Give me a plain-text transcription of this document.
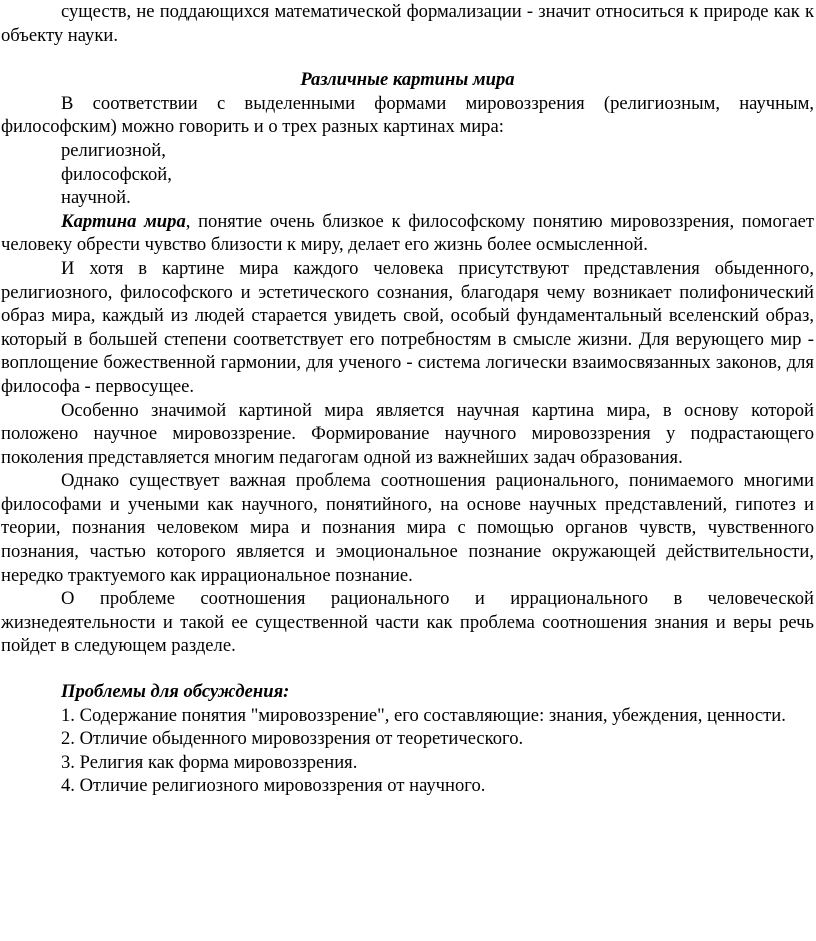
существ, не поддающихся математической формализации - значит относиться к природе как к объекту науки.

Различные картины мира

В соответствии с выделенными формами мировоззрения (религиозным, научным, философским) можно говорить и о трех разных картинах мира:

религиозной,

философской,

научной.

Картина мира, понятие очень близкое к философскому понятию мировоззрения, помогает человеку обрести чувство близости к миру, делает его жизнь более осмысленной.

И хотя в картине мира каждого человека присутствуют представления обыденного, религиозного, философского и эстетического сознания, благодаря чему возникает полифонический образ мира, каждый из людей старается увидеть свой, особый фундаментальный вселенский образ, который в большей степени соответствует его потребностям в смысле жизни. Для верующего мир - воплощение божественной гармонии, для ученого - система логически взаимосвязанных законов, для философа - первосущее.

Особенно значимой картиной мира является научная картина мира, в основу которой положено научное мировоззрение. Формирование научного мировоззрения у подрастающего поколения представляется многим педагогам одной из важнейших задач образования.

Однако существует важная проблема соотношения рационального, понимаемого многими философами и учеными как научного, понятийного, на основе научных представлений, гипотез и теории, познания человеком мира и познания мира с помощью органов чувств, чувственного познания, частью которого является и эмоциональное познание окружающей действительности, нередко трактуемого как иррациональное познание.

О проблеме соотношения рационального и иррационального в человеческой жизнедеятельности и такой ее существенной части как проблема соотношения знания и веры речь пойдет в следующем разделе.

Проблемы для обсуждения:

1. Содержание понятия "мировоззрение", его составляющие: знания, убеждения, ценности.

2. Отличие обыденного мировоззрения от теоретического.

3. Религия как форма мировоззрения.

4. Отличие религиозного мировоззрения от научного.
